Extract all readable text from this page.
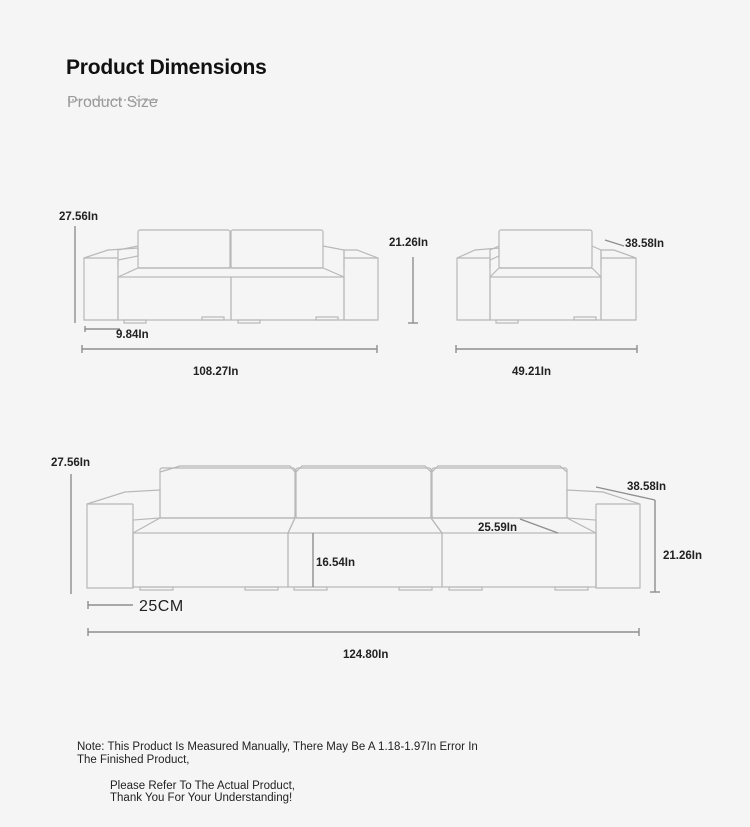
Product Dimensions
Product Size
27.56In
9.84In
108.27In
21.26In	38.58In
49.21In
27.56In
38.58In
25.59In
21.26In
16.54In
25CM
124.80In
Note: This Product Is Measured Manually, There May Be A 1.18-1.97In Error In
The Finished Product,
Please Refer To The Actual Product,
Thank You For Your Understanding!
